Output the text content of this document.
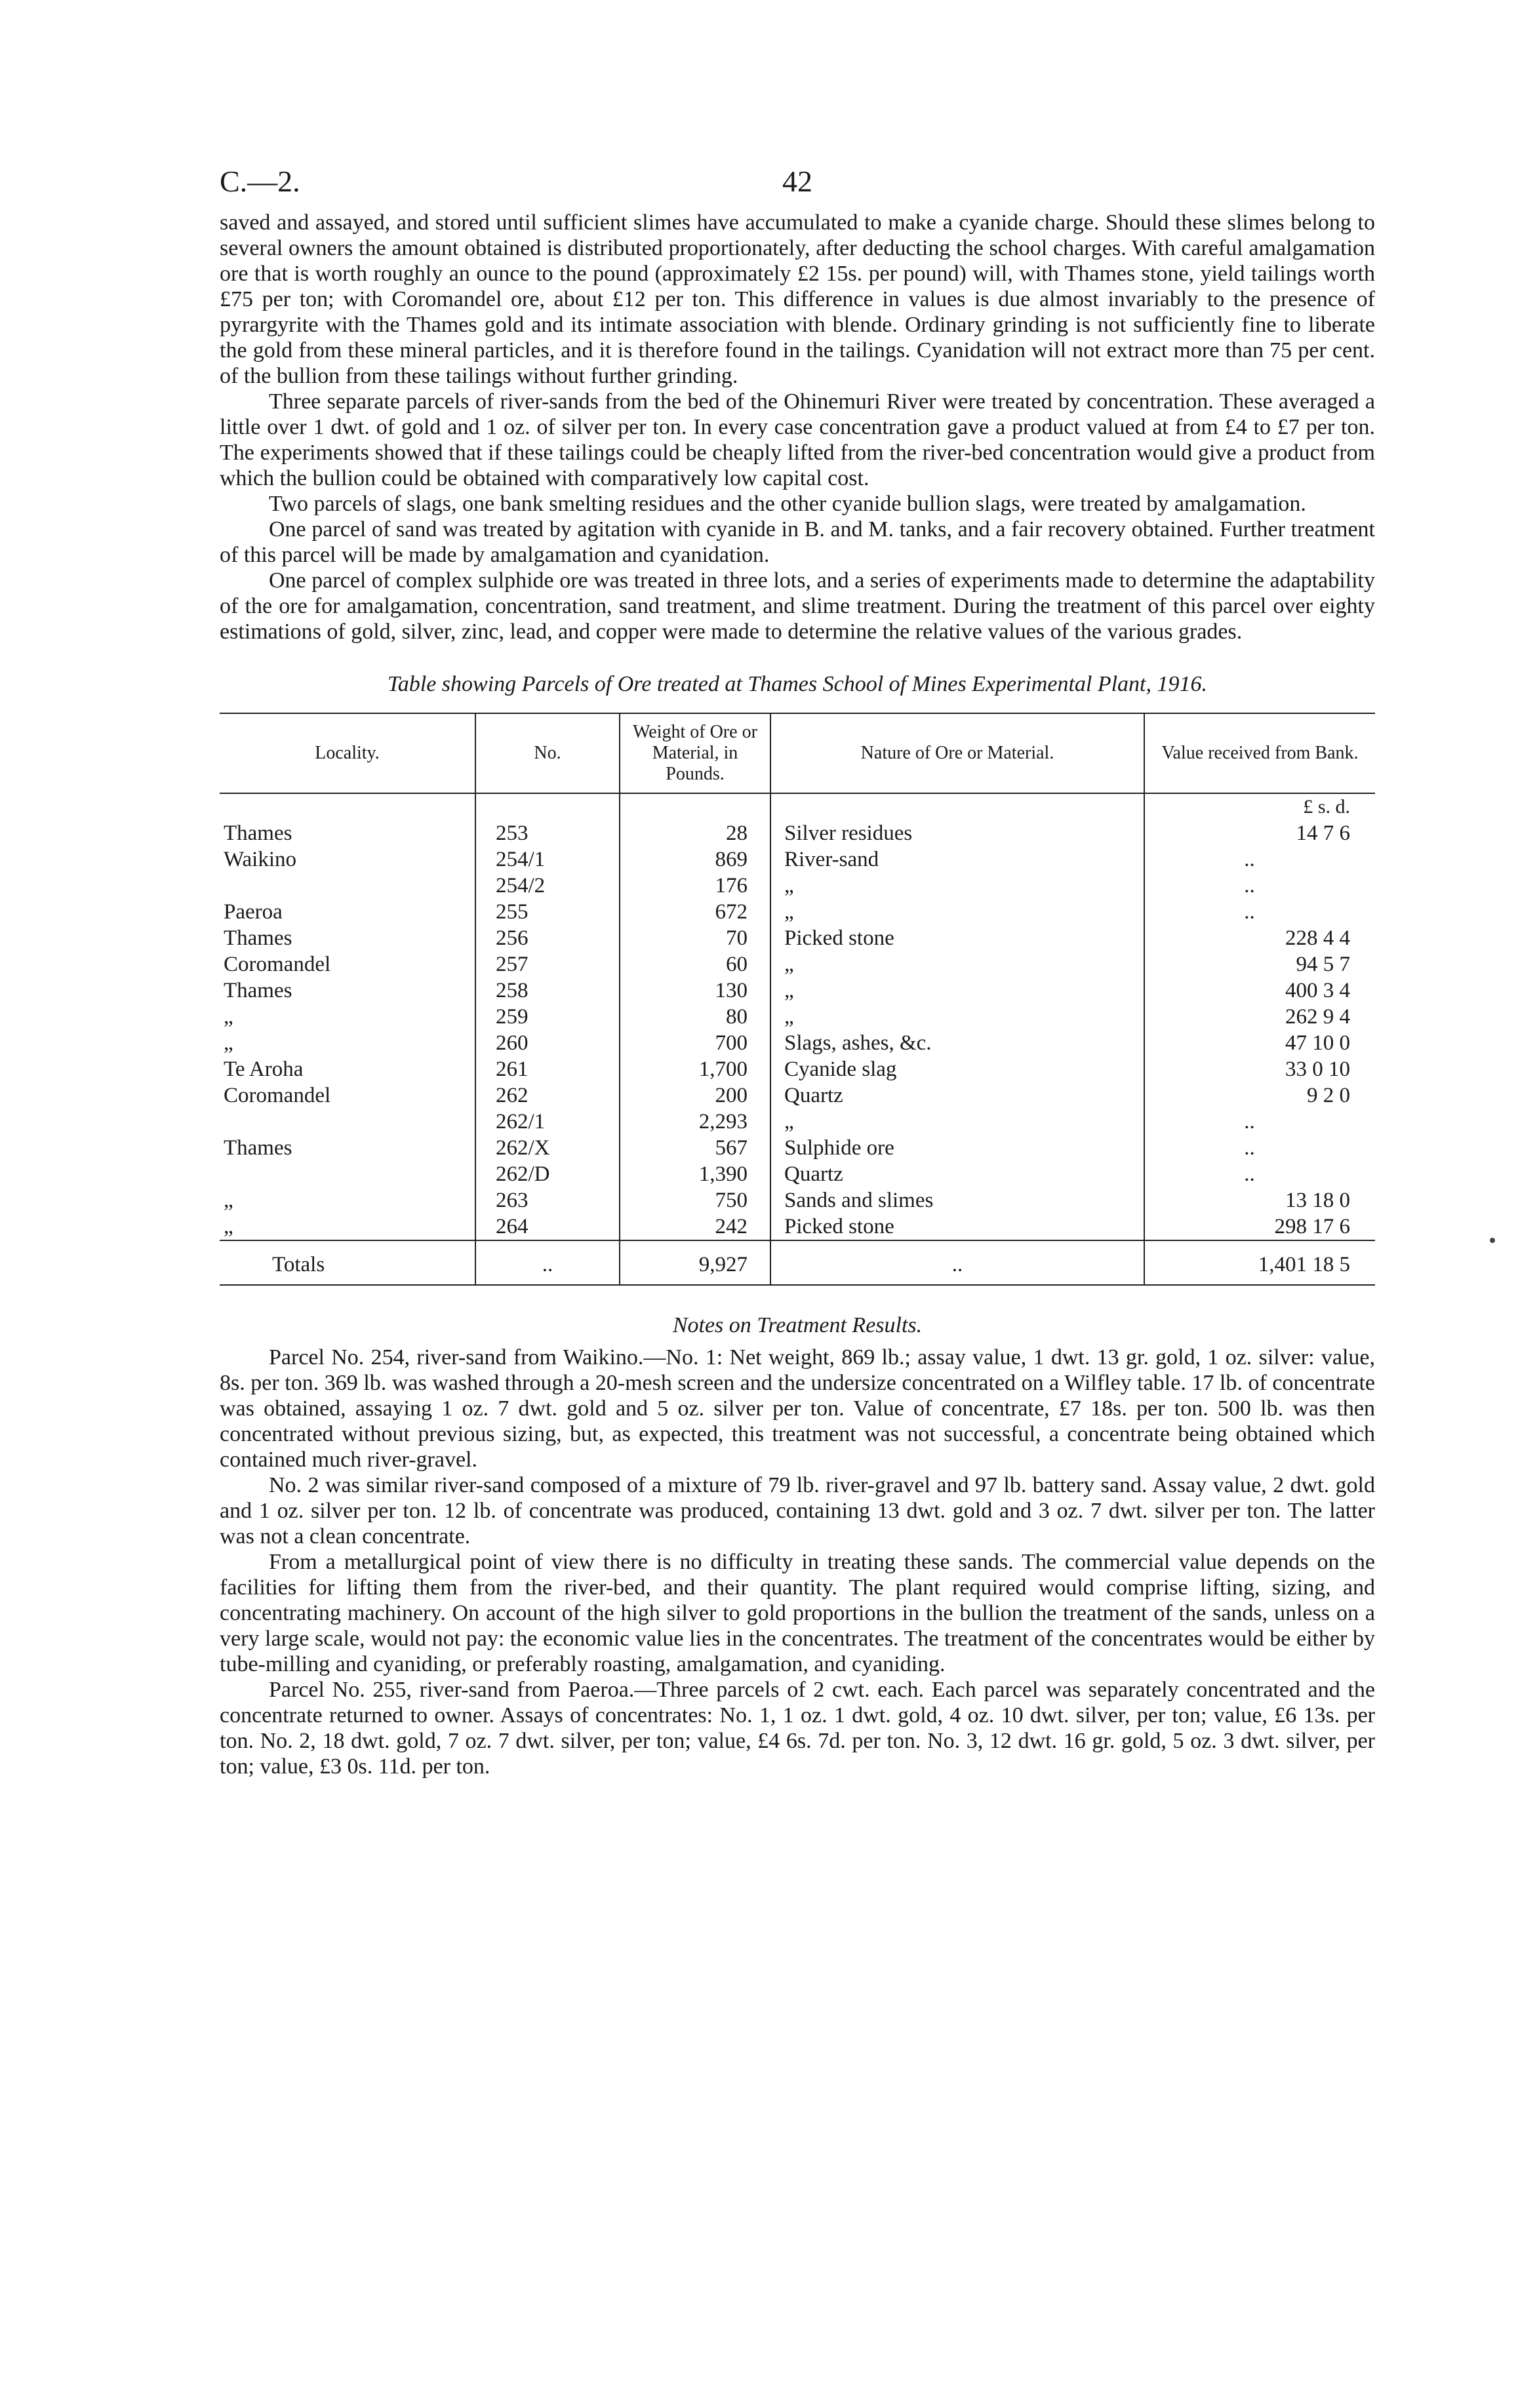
C.—2.	42

saved and assayed, and stored until sufficient slimes have accumulated to make a cyanide charge. Should these slimes belong to several owners the amount obtained is distributed proportionately, after deducting the school charges. With careful amalgamation ore that is worth roughly an ounce to the pound (approximately £2 15s. per pound) will, with Thames stone, yield tailings worth £75 per ton; with Coromandel ore, about £12 per ton. This difference in values is due almost invariably to the presence of pyrargyrite with the Thames gold and its intimate association with blende. Ordinary grinding is not sufficiently fine to liberate the gold from these mineral particles, and it is therefore found in the tailings. Cyanidation will not extract more than 75 per cent. of the bullion from these tailings without further grinding.

Three separate parcels of river-sands from the bed of the Ohinemuri River were treated by concentration. These averaged a little over 1 dwt. of gold and 1 oz. of silver per ton. In every case concentration gave a product valued at from £4 to £7 per ton. The experiments showed that if these tailings could be cheaply lifted from the river-bed concentration would give a product from which the bullion could be obtained with comparatively low capital cost.

Two parcels of slags, one bank smelting residues and the other cyanide bullion slags, were treated by amalgamation.

One parcel of sand was treated by agitation with cyanide in B. and M. tanks, and a fair recovery obtained. Further treatment of this parcel will be made by amalgamation and cyanidation.

One parcel of complex sulphide ore was treated in three lots, and a series of experiments made to determine the adaptability of the ore for amalgamation, concentration, sand treatment, and slime treatment. During the treatment of this parcel over eighty estimations of gold, silver, zinc, lead, and copper were made to determine the relative values of the various grades.

Table showing Parcels of Ore treated at Thames School of Mines Experimental Plant, 1916.
Locality.	No.	Weight of Ore or Material, in Pounds.	Nature of Ore or Material.	Value received from Bank.
				£ s. d.
Thames	253	28	Silver residues	14 7 6
Waikino	254/1	869	River-sand	..
	254/2	176	„	..
Paeroa	255	672	„	..
Thames	256	70	Picked stone	228 4 4
Coromandel	257	60	„	94 5 7
Thames	258	130	„	400 3 4
„	259	80	„	262 9 4
„	260	700	Slags, ashes, &c.	47 10 0
Te Aroha	261	1,700	Cyanide slag	33 0 10
Coromandel	262	200	Quartz	9 2 0
	262/1	2,293	„	..
Thames	262/X	567	Sulphide ore	..
	262/D	1,390	Quartz	..
„	263	750	Sands and slimes	13 18 0
„	264	242	Picked stone	298 17 6
Totals	..	9,927	..	1,401 18 5

Notes on Treatment Results.

Parcel No. 254, river-sand from Waikino.—No. 1: Net weight, 869 lb.; assay value, 1 dwt. 13 gr. gold, 1 oz. silver: value, 8s. per ton. 369 lb. was washed through a 20-mesh screen and the undersize concentrated on a Wilfley table. 17 lb. of concentrate was obtained, assaying 1 oz. 7 dwt. gold and 5 oz. silver per ton. Value of concentrate, £7 18s. per ton. 500 lb. was then concentrated without previous sizing, but, as expected, this treatment was not successful, a concentrate being obtained which contained much river-gravel.

No. 2 was similar river-sand composed of a mixture of 79 lb. river-gravel and 97 lb. battery sand. Assay value, 2 dwt. gold and 1 oz. silver per ton. 12 lb. of concentrate was produced, containing 13 dwt. gold and 3 oz. 7 dwt. silver per ton. The latter was not a clean concentrate.

From a metallurgical point of view there is no difficulty in treating these sands. The commercial value depends on the facilities for lifting them from the river-bed, and their quantity. The plant required would comprise lifting, sizing, and concentrating machinery. On account of the high silver to gold proportions in the bullion the treatment of the sands, unless on a very large scale, would not pay: the economic value lies in the concentrates. The treatment of the concentrates would be either by tube-milling and cyaniding, or preferably roasting, amalgamation, and cyaniding.

Parcel No. 255, river-sand from Paeroa.—Three parcels of 2 cwt. each. Each parcel was separately concentrated and the concentrate returned to owner. Assays of concentrates: No. 1, 1 oz. 1 dwt. gold, 4 oz. 10 dwt. silver, per ton; value, £6 13s. per ton. No. 2, 18 dwt. gold, 7 oz. 7 dwt. silver, per ton; value, £4 6s. 7d. per ton. No. 3, 12 dwt. 16 gr. gold, 5 oz. 3 dwt. silver, per ton; value, £3 0s. 11d. per ton.
